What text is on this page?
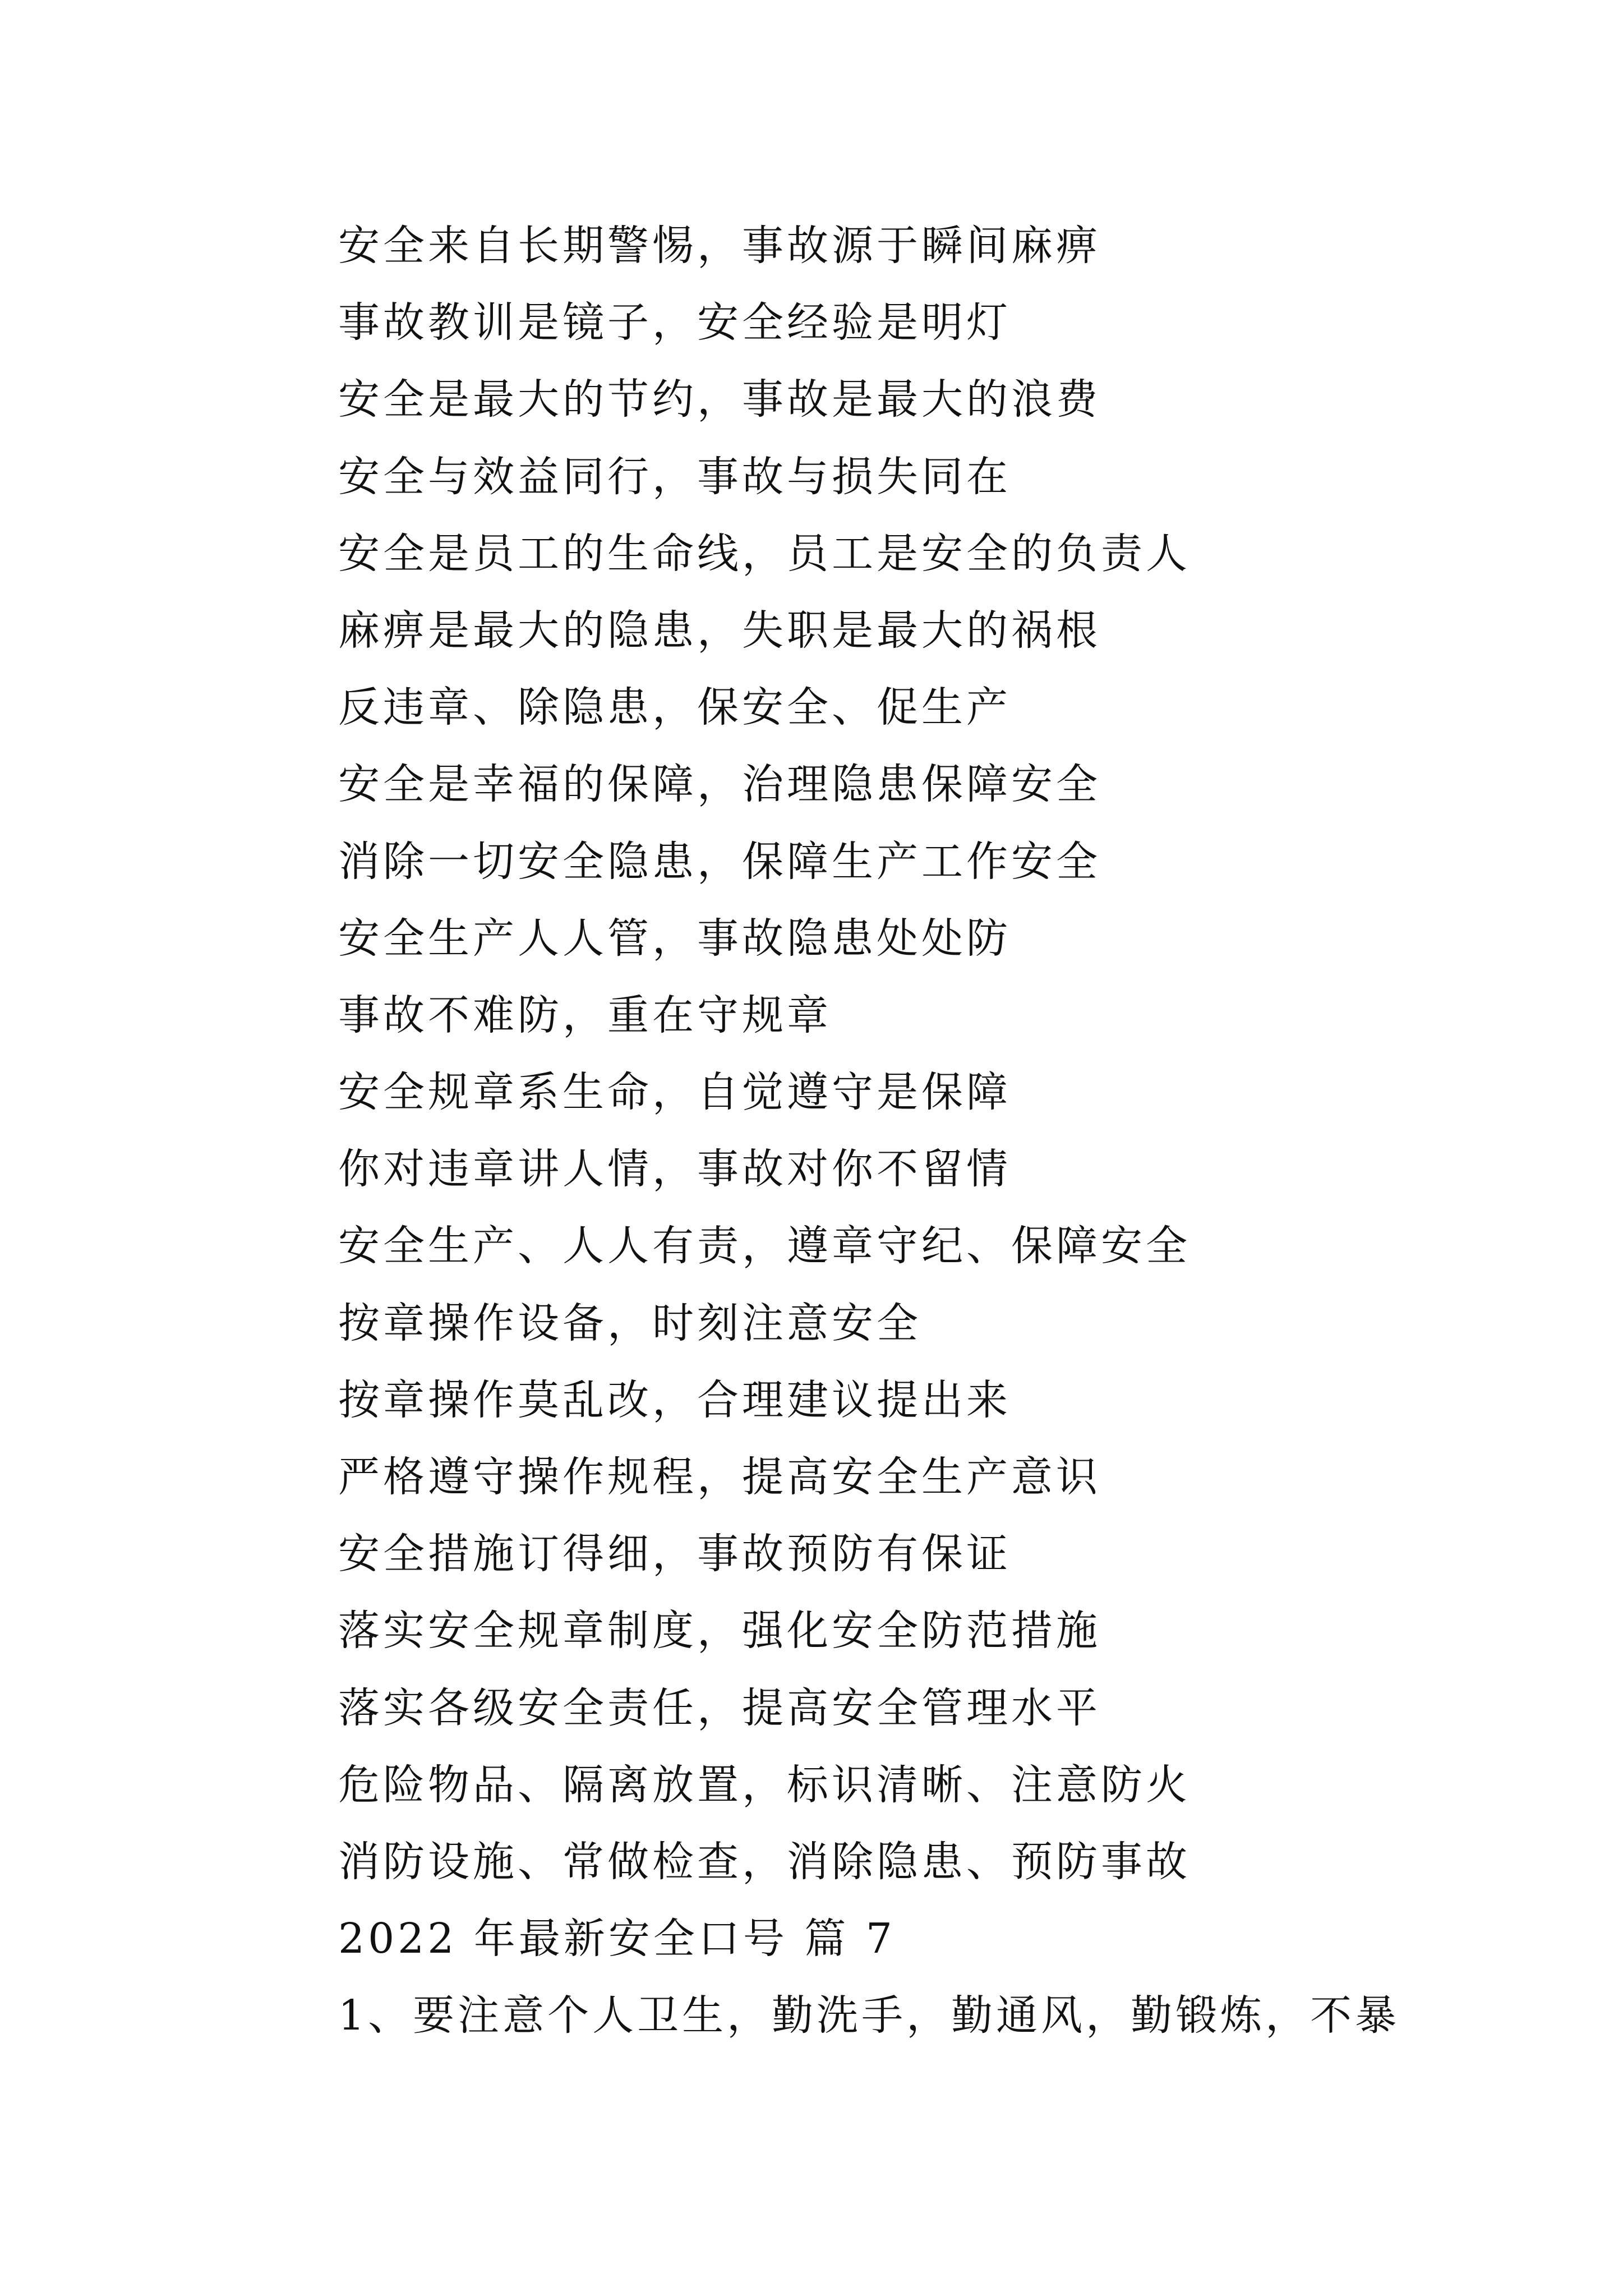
安全来自长期警惕，事故源于瞬间麻痹
事故教训是镜子，安全经验是明灯
安全是最大的节约，事故是最大的浪费
安全与效益同行，事故与损失同在
安全是员工的生命线，员工是安全的负责人
麻痹是最大的隐患，失职是最大的祸根
反违章、除隐患，保安全、促生产
安全是幸福的保障，治理隐患保障安全
消除一切安全隐患，保障生产工作安全
安全生产人人管，事故隐患处处防
事故不难防，重在守规章
安全规章系生命，自觉遵守是保障
你对违章讲人情，事故对你不留情
安全生产、人人有责，遵章守纪、保障安全
按章操作设备，时刻注意安全
按章操作莫乱改，合理建议提出来
严格遵守操作规程，提高安全生产意识
安全措施订得细，事故预防有保证
落实安全规章制度，强化安全防范措施
落实各级安全责任，提高安全管理水平
危险物品、隔离放置，标识清晰、注意防火
消防设施、常做检查，消除隐患、预防事故
2022 年最新安全口号 篇 7
1、要注意个人卫生，勤洗手，勤通风，勤锻炼，不暴
